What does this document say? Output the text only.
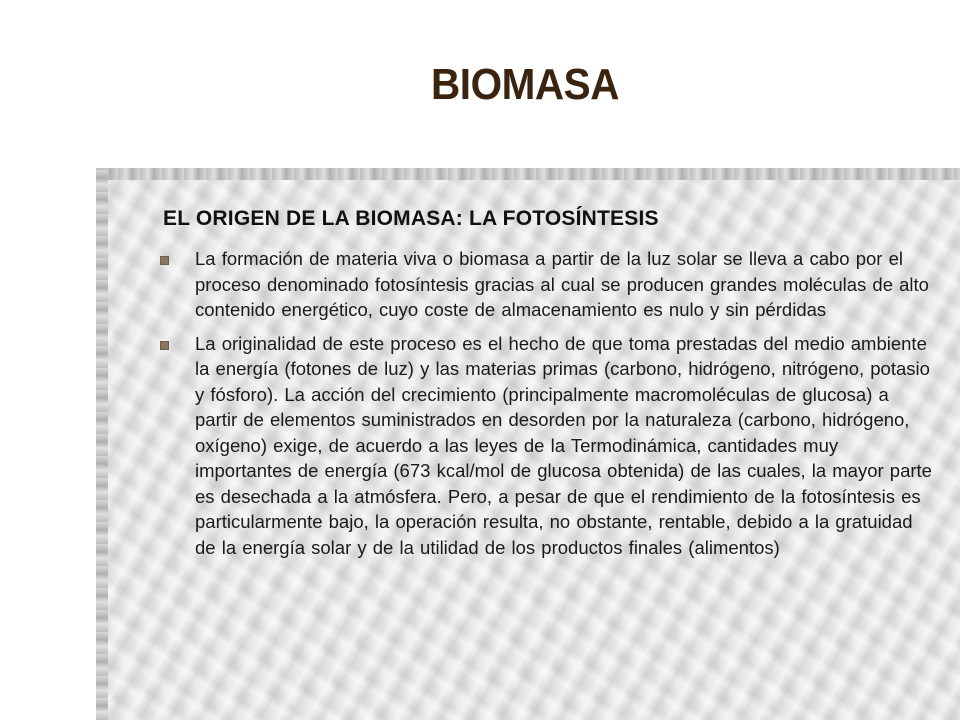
BIOMASA
EL ORIGEN DE LA BIOMASA: LA FOTOSÍNTESIS
La formación de materia viva o biomasa a partir de la luz solar se lleva a cabo por el proceso denominado fotosíntesis gracias al cual se producen grandes moléculas de alto contenido energético, cuyo coste de almacenamiento es nulo y sin pérdidas
La originalidad de este proceso es el hecho de que toma prestadas del medio ambiente la energía (fotones de luz) y las materias primas (carbono, hidrógeno, nitrógeno, potasio y fósforo). La acción del crecimiento (principalmente macromoléculas de glucosa) a partir de elementos suministrados en desorden por la naturaleza (carbono, hidrógeno, oxígeno) exige, de acuerdo a las leyes de la Termodinámica, cantidades muy importantes de energía (673 kcal/mol de glucosa obtenida) de las cuales, la mayor parte es desechada a la atmósfera. Pero, a pesar de que el rendimiento de la fotosíntesis es particularmente bajo, la operación resulta, no obstante, rentable, debido a la gratuidad de la energía solar y de la utilidad de los productos finales (alimentos)
